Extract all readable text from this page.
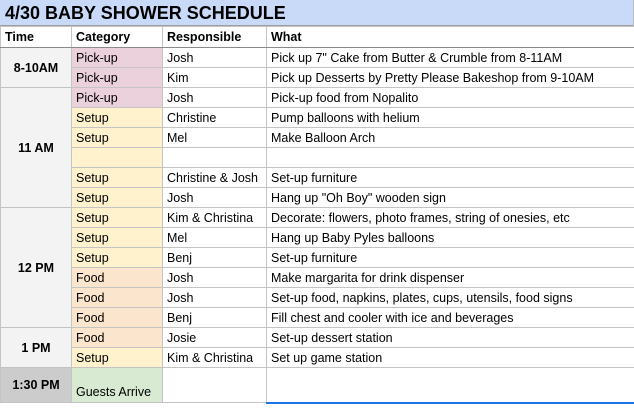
4/30 BABY SHOWER SCHEDULE
Time	Category	Responsible	What
8-10AM	Pick-up	Josh	Pick up 7" Cake from Butter & Crumble from 8-11AM
	Pick-up	Kim	Pick up Desserts by Pretty Please Bakeshop from 9-10AM
11 AM	Pick-up	Josh	Pick-up food from Nopalito
	Setup	Christine	Pump balloons with helium
	Setup	Mel	Make Balloon Arch

	Setup	Christine & Josh	Set-up furniture
	Setup	Josh	Hang up "Oh Boy" wooden sign
12 PM	Setup	Kim & Christina	Decorate: flowers, photo frames, string of onesies, etc
	Setup	Mel	Hang up Baby Pyles balloons
	Setup	Benj	Set-up furniture
	Food	Josh	Make margarita for drink dispenser
	Food	Josh	Set-up food, napkins, plates, cups, utensils, food signs
	Food	Benj	Fill chest and cooler with ice and beverages
1 PM	Food	Josie	Set-up dessert station
	Setup	Kim & Christina	Set up game station
1:30 PM	Guests Arrive		
